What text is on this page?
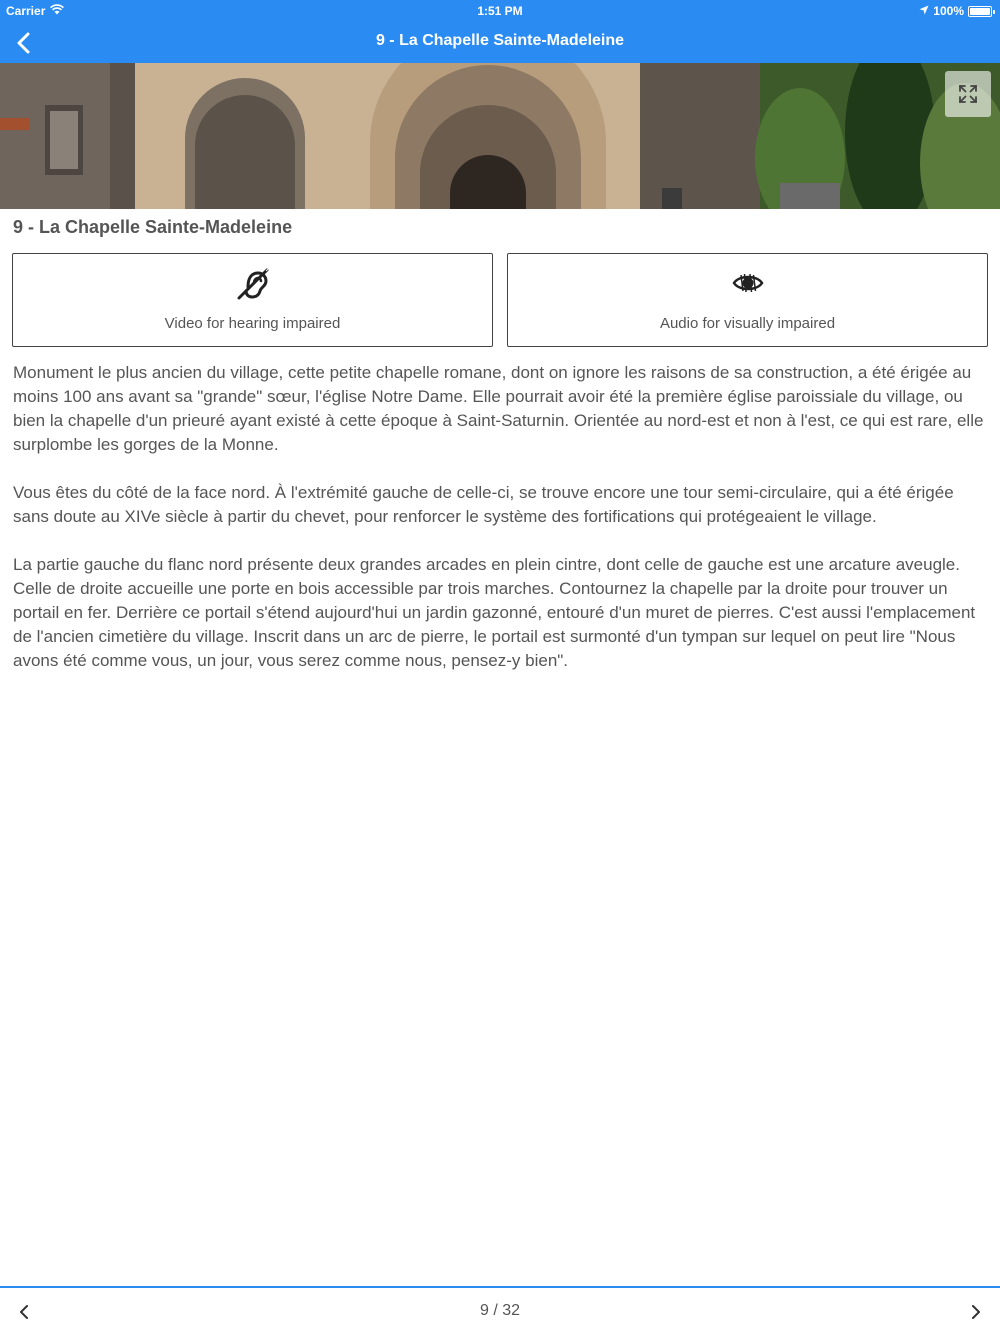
Carrier	1:51 PM	100%
9 - La Chapelle Sainte-Madeleine
9 - La Chapelle Sainte-Madeleine
Video for hearing impaired	Audio for visually impaired

Monument le plus ancien du village, cette petite chapelle romane, dont on ignore les raisons de sa construction, a été érigée au moins 100 ans avant sa "grande" sœur, l'église Notre Dame. Elle pourrait avoir été la première église paroissiale du village, ou bien la chapelle d'un prieuré ayant existé à cette époque à Saint-Saturnin. Orientée au nord-est et non à l'est, ce qui est rare, elle surplombe les gorges de la Monne.

Vous êtes du côté de la face nord. À l'extrémité gauche de celle-ci, se trouve encore une tour semi-circulaire, qui a été érigée sans doute au XIVe siècle à partir du chevet, pour renforcer le système des fortifications qui protégeaient le village.

La partie gauche du flanc nord présente deux grandes arcades en plein cintre, dont celle de gauche est une arcature aveugle. Celle de droite accueille une porte en bois accessible par trois marches. Contournez la chapelle par la droite pour trouver un portail en fer. Derrière ce portail s'étend aujourd'hui un jardin gazonné, entouré d'un muret de pierres. C'est aussi l'emplacement de l'ancien cimetière du village. Inscrit dans un arc de pierre, le portail est surmonté d'un tympan sur lequel on peut lire "Nous avons été comme vous, un jour, vous serez comme nous, pensez-y bien".

9 / 32
